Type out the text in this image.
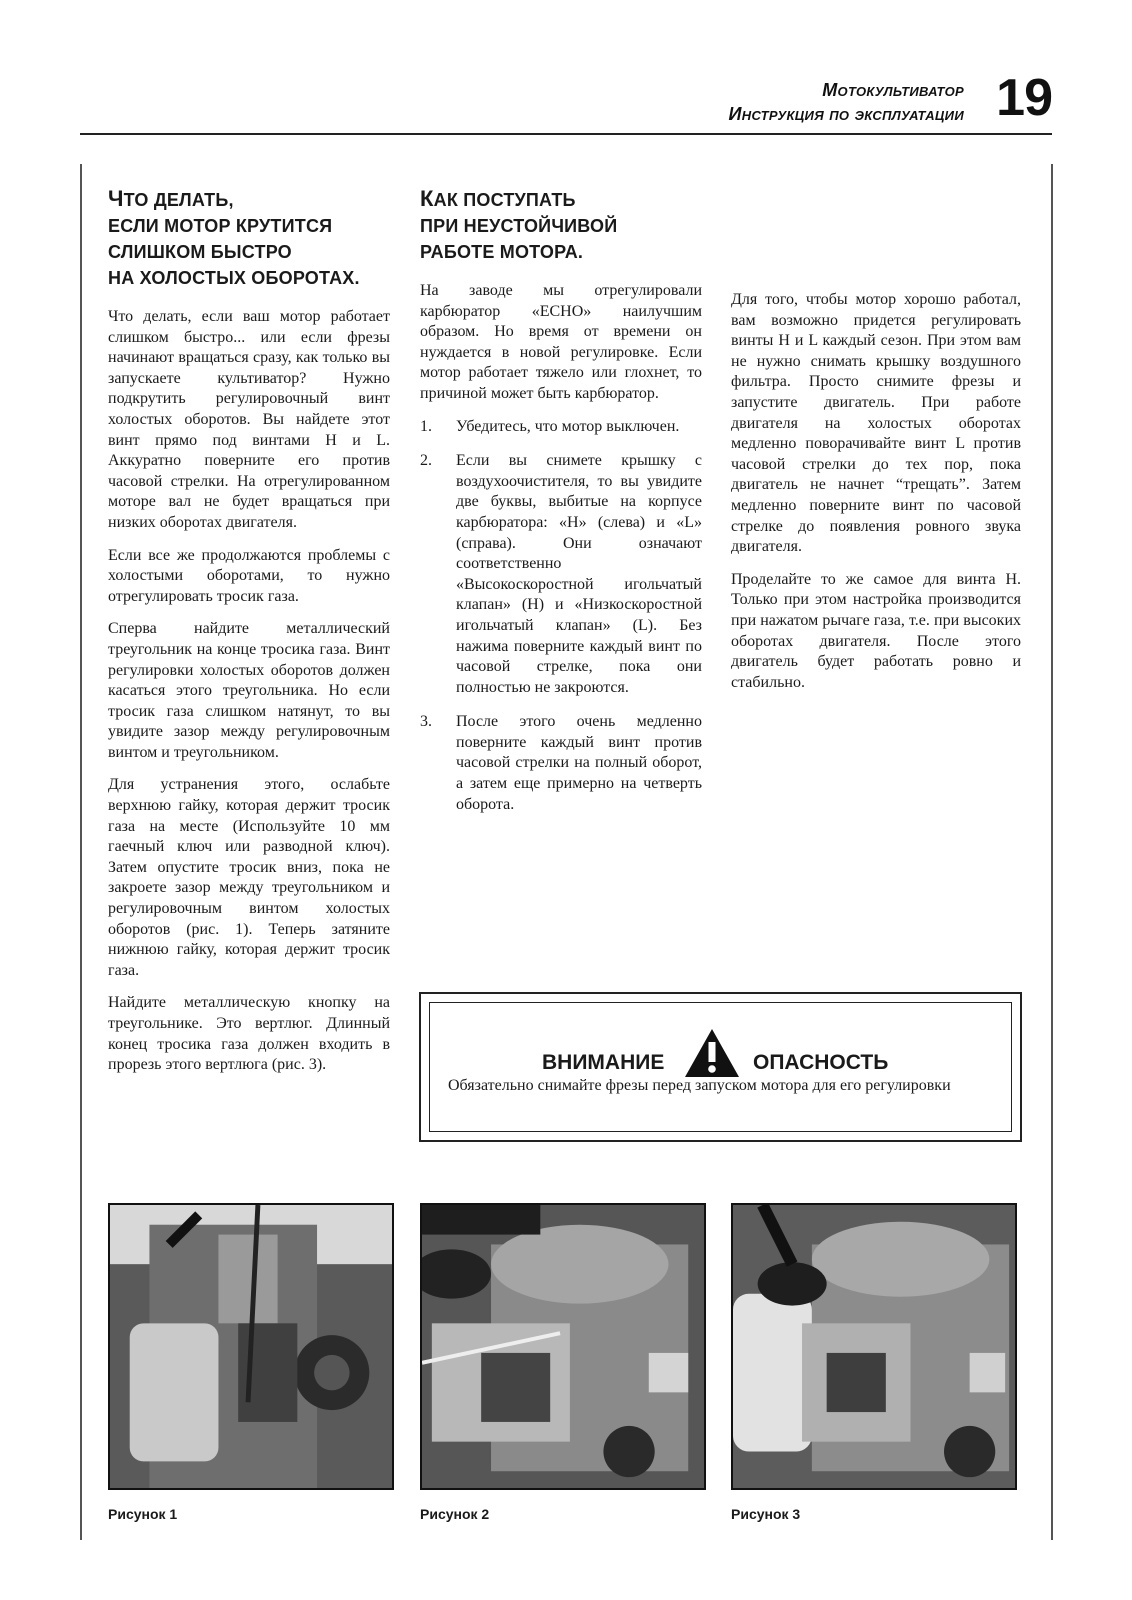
Мотокультиватор
Инструкция по эксплуатации 19
ЧТО ДЕЛАТЬ,
ЕСЛИ МОТОР КРУТИТСЯ
СЛИШКОМ БЫСТРО
НА ХОЛОСТЫХ ОБОРОТАХ.

Что делать, если ваш мотор работает слишком быстро... или если фрезы начинают вращаться сразу, как только вы запускаете культиватор? Нужно подкрутить регулировочный винт холостых оборотов. Вы найдете этот винт прямо под винтами H и L. Аккуратно поверните его против часовой стрелки. На отрегулированном моторе вал не будет вращаться при низких оборотах двигателя.

Если все же продолжаются проблемы с холостыми оборотами, то нужно отрегулировать тросик газа.

Сперва найдите металлический треугольник на конце тросика газа. Винт регулировки холостых оборотов должен касаться этого треугольника. Но если тросик газа слишком натянут, то вы увидите зазор между регулировочным винтом и треугольником.

Для устранения этого, ослабьте верхнюю гайку, которая держит тросик газа на месте (Используйте 10 мм гаечный ключ или разводной ключ). Затем опустите тросик вниз, пока не закроете зазор между треугольником и регулировочным винтом холостых оборотов (рис. 1). Теперь затяните нижнюю гайку, которая держит тросик газа.

Найдите металлическую кнопку на треугольнике. Это вертлюг. Длинный конец тросика газа должен входить в прорезь этого вертлюга (рис. 3).

КАК ПОСТУПАТЬ
ПРИ НЕУСТОЙЧИВОЙ
РАБОТЕ МОТОРА.

На заводе мы отрегулировали карбюратор «ECHO» наилучшим образом. Но время от времени он нуждается в новой регулировке. Если мотор работает тяжело или глохнет, то причиной может быть карбюратор.

1. Убедитесь, что мотор выключен.
2. Если вы снимете крышку с воздухоочистителя, то вы увидите две буквы, выбитые на корпусе карбюратора: «H» (слева) и «L» (справа). Они означают соответственно «Высокоскоростной игольчатый клапан» (H) и «Низкоскоростной игольчатый клапан» (L). Без нажима поверните каждый винт по часовой стрелке, пока они полностью не закроются.
3. После этого очень медленно поверните каждый винт против часовой стрелки на полный оборот, а затем еще примерно на четверть оборота.

Для того, чтобы мотор хорошо работал, вам возможно придется регулировать винты H и L каждый сезон. При этом вам не нужно снимать крышку воздушного фильтра. Просто снимите фрезы и запустите двигатель. При работе двигателя на холостых оборотах медленно поворачивайте винт L против часовой стрелки до тех пор, пока двигатель не начнет “трещать”. Затем медленно поверните винт по часовой стрелке до появления ровного звука двигателя.

Проделайте то же самое для винта H. Только при этом настройка производится при нажатом рычаге газа, т.е. при высоких оборотах двигателя. После этого двигатель будет работать ровно и стабильно.

ВНИМАНИЕ	ОПАСНОСТЬ
Обязательно снимайте фрезы перед запуском мотора для его регулировки
Рисунок 1	Рисунок 2	Рисунок 3
